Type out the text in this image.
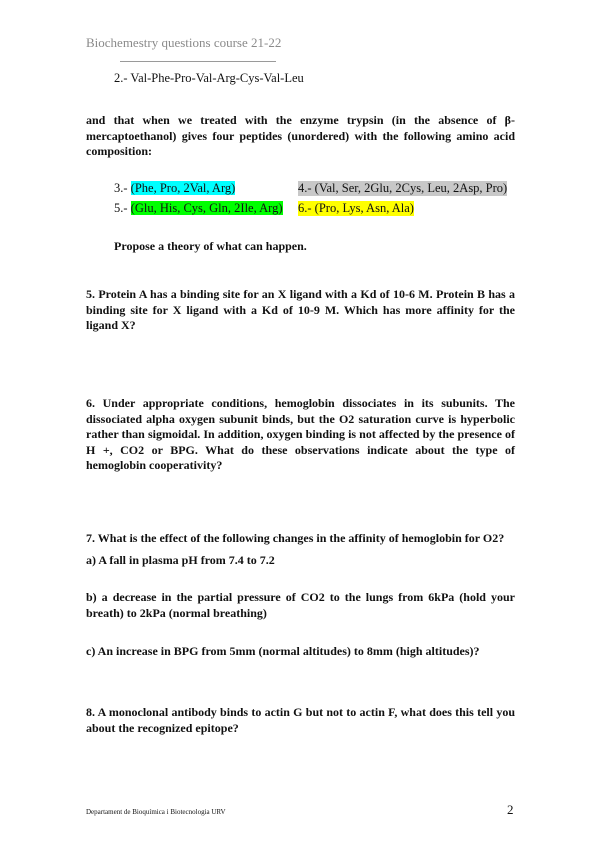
Biochemestry questions course 21-22
2.- Val-Phe-Pro-Val-Arg-Cys-Val-Leu
and that when we treated with the enzyme trypsin (in the absence of β-mercaptoethanol) gives four peptides (unordered) with the following amino acid composition:
3.- (Phe, Pro, 2Val, Arg)	4.- (Val, Ser, 2Glu, 2Cys, Leu, 2Asp, Pro)
5.- (Glu, His, Cys, Gln, 2Ile, Arg) 6.- (Pro, Lys, Asn, Ala)
Propose a theory of what can happen.
5. Protein A has a binding site for an X ligand with a Kd of 10-6 M. Protein B has a binding site for X ligand with a Kd of 10-9 M. Which has more affinity for the ligand X?
6. Under appropriate conditions, hemoglobin dissociates in its subunits. The dissociated alpha oxygen subunit binds, but the O2 saturation curve is hyperbolic rather than sigmoidal. In addition, oxygen binding is not affected by the presence of H +, CO2 or BPG. What do these observations indicate about the type of hemoglobin cooperativity?
7. What is the effect of the following changes in the affinity of hemoglobin for O2?
a) A fall in plasma pH from 7.4 to 7.2
b) a decrease in the partial pressure of CO2 to the lungs from 6kPa (hold your breath) to 2kPa (normal breathing)
c) An increase in BPG from 5mm (normal altitudes) to 8mm (high altitudes)?
8. A monoclonal antibody binds to actin G but not to actin F, what does this tell you about the recognized epitope?
Departament de Bioquímica i Biotecnologia URV	2
